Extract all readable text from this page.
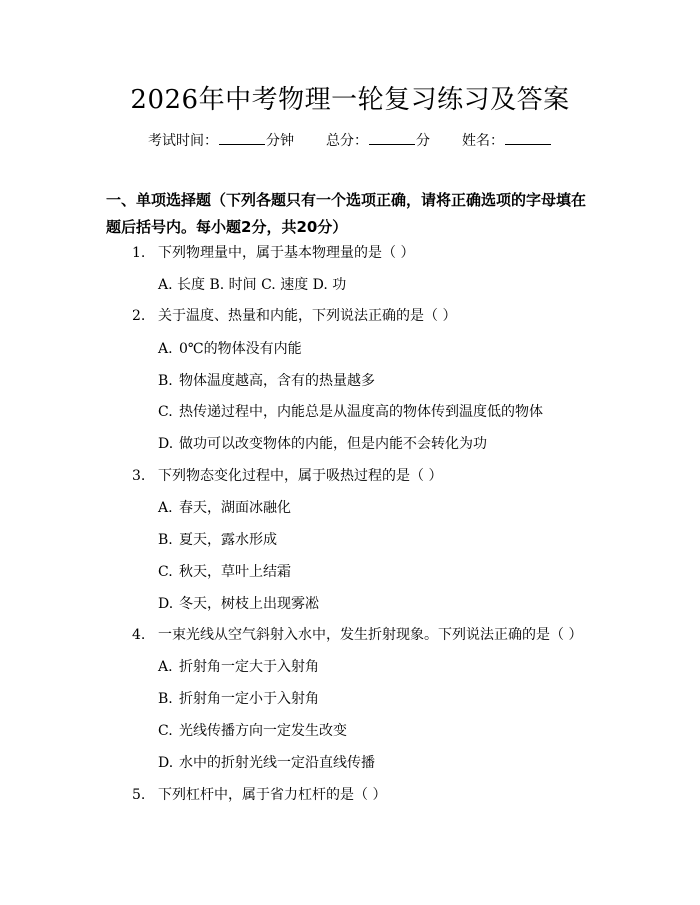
2026年中考物理一轮复习练习及答案
考试时间：	分钟 总分：	分 姓名：
一、单项选择题（下列各题只有一个选项正确，请将正确选项的字母填在题后括号内。每小题2分，共20分）
1. 下列物理量中，属于基本物理量的是（ ）
A. 长度 B. 时间 C. 速度 D. 功
2. 关于温度、热量和内能，下列说法正确的是（ ）
A. 0℃的物体没有内能
B. 物体温度越高，含有的热量越多
C. 热传递过程中，内能总是从温度高的物体传到温度低的物体
D. 做功可以改变物体的内能，但是内能不会转化为功
3. 下列物态变化过程中，属于吸热过程的是（ ）
A. 春天，湖面冰融化
B. 夏天，露水形成
C. 秋天，草叶上结霜
D. 冬天，树枝上出现雾凇
4. 一束光线从空气斜射入水中，发生折射现象。下列说法正确的是（ ）
A. 折射角一定大于入射角
B. 折射角一定小于入射角
C. 光线传播方向一定发生改变
D. 水中的折射光线一定沿直线传播
5. 下列杠杆中，属于省力杠杆的是（ ）
